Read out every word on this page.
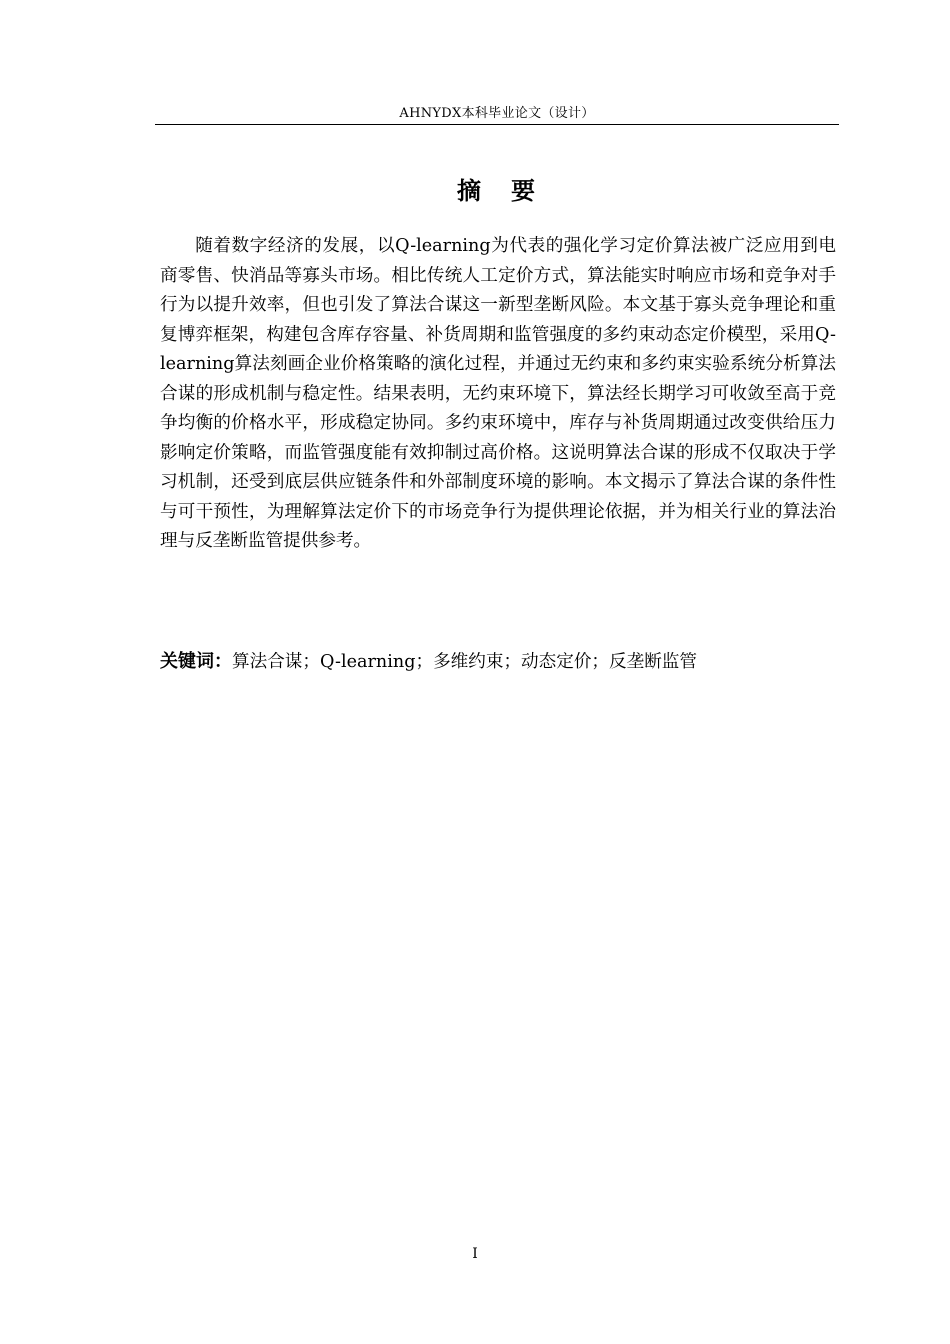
AHNYDX本科毕业论文（设计）
摘 要

随着数字经济的发展，以Q-learning为代表的强化学习定价算法被广泛应用到电商零售、快消品等寡头市场。相比传统人工定价方式，算法能实时响应市场和竞争对手行为以提升效率，但也引发了算法合谋这一新型垄断风险。本文基于寡头竞争理论和重复博弈框架，构建包含库存容量、补货周期和监管强度的多约束动态定价模型，采用Q-learning算法刻画企业价格策略的演化过程，并通过无约束和多约束实验系统分析算法合谋的形成机制与稳定性。结果表明，无约束环境下，算法经长期学习可收敛至高于竞争均衡的价格水平，形成稳定协同。多约束环境中，库存与补货周期通过改变供给压力影响定价策略，而监管强度能有效抑制过高价格。这说明算法合谋的形成不仅取决于学习机制，还受到底层供应链条件和外部制度环境的影响。本文揭示了算法合谋的条件性与可干预性，为理解算法定价下的市场竞争行为提供理论依据，并为相关行业的算法治理与反垄断监管提供参考。

关键词：算法合谋；Q-learning；多维约束；动态定价；反垄断监管
I
